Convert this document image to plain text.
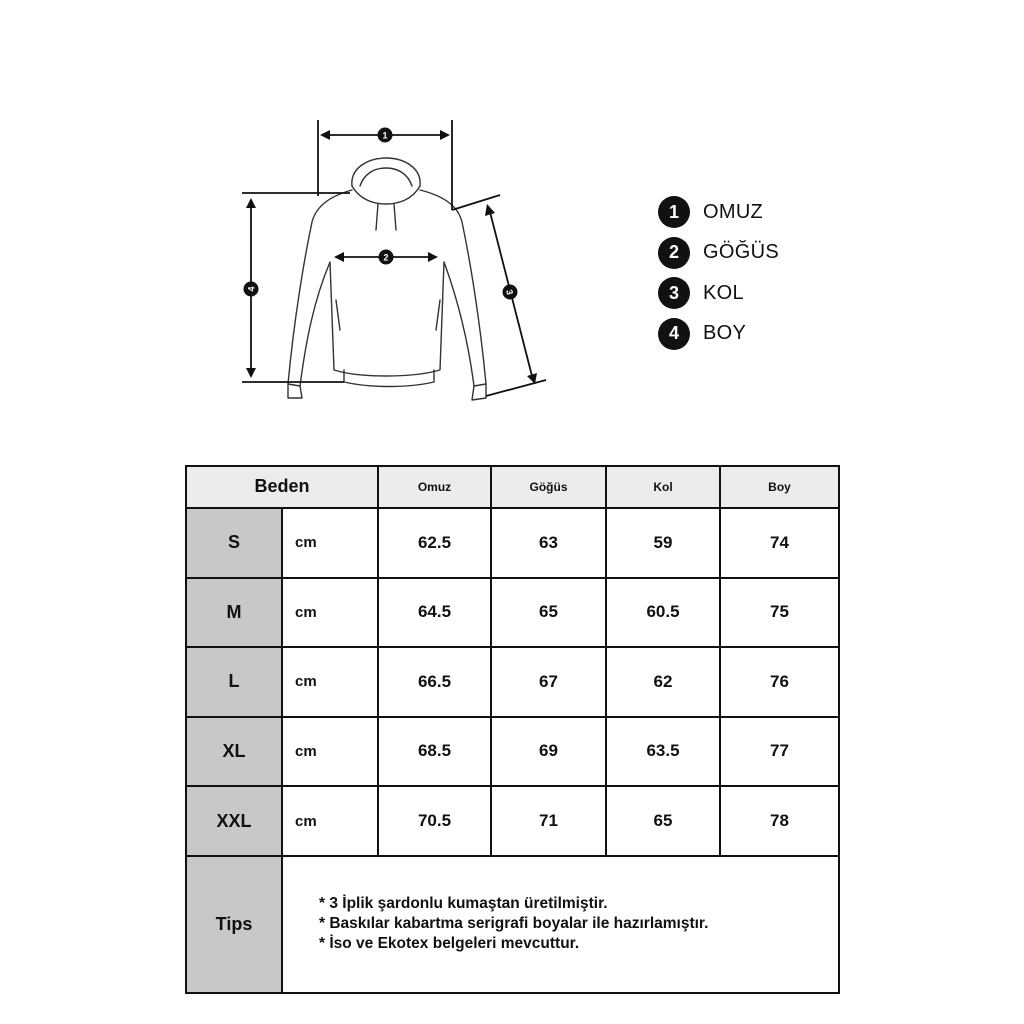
1
2
3
4
1	OMUZ
2	GÖĞÜS
3	KOL
4	BOY
Beden		Omuz	Göğüs	Kol	Boy
S	cm	62.5	63	59	74
M	cm	64.5	65	60.5	75
L	cm	66.5	67	62	76
XL	cm	68.5	69	63.5	77
XXL	cm	70.5	71	65	78
Tips	* 3 İplik şardonlu kumaştan üretilmiştir.
* Baskılar kabartma serigrafi boyalar ile hazırlamıştır.
* İso ve Ekotex belgeleri mevcuttur.				
